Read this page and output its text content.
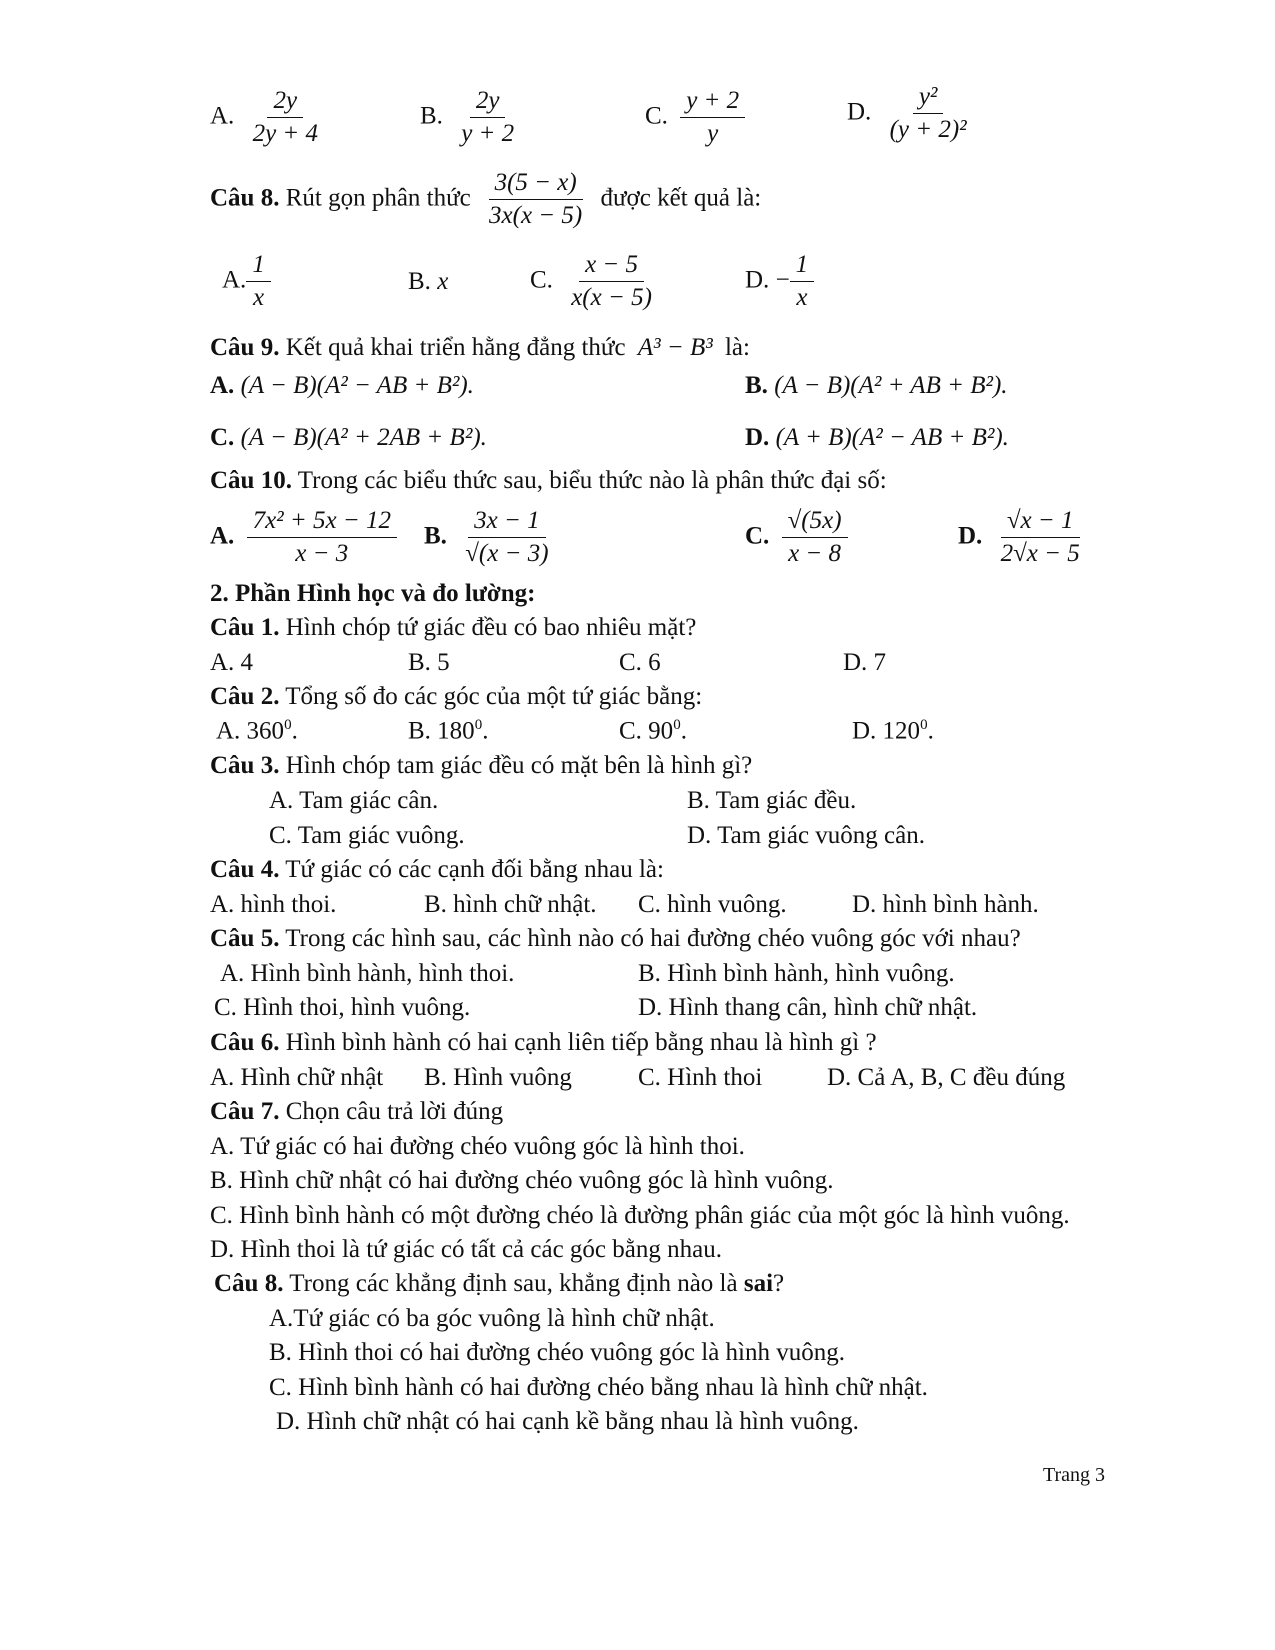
A. $\frac{2y}{2y + 4}$	B. $\frac{2y}{y + 2}$	C. $\frac{y + 2}{y}$	D. $\frac{\text{y²}}{\text{(y + 2)²}}$
Câu 8. Rút gọn phân thức $\frac{3(5 - x)}{3x(x - 5)}$ được kết quả là:
A. $\frac{1}{x}$	B. x	C. $\frac{x - 5}{x(x - 5)}$	D. − $\frac{1}{x}$
Câu 9. Kết quả khai triển hằng đẳng thức A³ − B³ là:
A. (A − B)(A² − AB + B²).	B. (A − B)(A² + AB + B²).
C. (A − B)(A² + 2AB + B²).	D. (A + B)(A² − AB + B²).
Câu 10. Trong các biểu thức sau, biểu thức nào là phân thức đại số:
A. $\frac{\text{7x² + 5x − 12}}{x - 3} B$. $\frac{3x - 1}{√(x - 3)}$	C. $\frac{√(5x)}{x - 8}$	D. $\frac{√x - 1}{2√x - 5}$
2. Phần Hình học và đo lường:
Câu 1. Hình chóp tứ giác đều có bao nhiêu mặt?
A. 4	B. 5	C. 6	D. 7
Câu 2. Tổng số đo các góc của một tứ giác bằng:
A. $360^0$.	B. $180^0$.	C. $90^0$.	D. $120^0$.
Câu 3. Hình chóp tam giác đều có mặt bên là hình gì?
A. Tam giác cân.	B. Tam giác đều.
C. Tam giác vuông.	D. Tam giác vuông cân.
Câu 4. Tứ giác có các cạnh đối bằng nhau là:
A. hình thoi.	B. hình chữ nhật. C. hình vuông.	D. hình bình hành.
Câu 5. Trong các hình sau, các hình nào có hai đường chéo vuông góc với nhau?
A. Hình bình hành, hình thoi.	B. Hình bình hành, hình vuông.
C. Hình thoi, hình vuông.	D. Hình thang cân, hình chữ nhật.
Câu 6. Hình bình hành có hai cạnh liên tiếp bằng nhau là hình gì ?
A. Hình chữ nhật B. Hình vuông	C. Hình thoi	D. Cả A, B, C đều đúng
Câu 7. Chọn câu trả lời đúng
A. Tứ giác có hai đường chéo vuông góc là hình thoi.
B. Hình chữ nhật có hai đường chéo vuông góc là hình vuông.
C. Hình bình hành có một đường chéo là đường phân giác của một góc là hình vuông.
D. Hình thoi là tứ giác có tất cả các góc bằng nhau.
Câu 8. Trong các khẳng định sau, khẳng định nào là sai?
A.Tứ giác có ba góc vuông là hình chữ nhật.
B. Hình thoi có hai đường chéo vuông góc là hình vuông.
C. Hình bình hành có hai đường chéo bằng nhau là hình chữ nhật.
D. Hình chữ nhật có hai cạnh kề bằng nhau là hình vuông.
Trang 3
